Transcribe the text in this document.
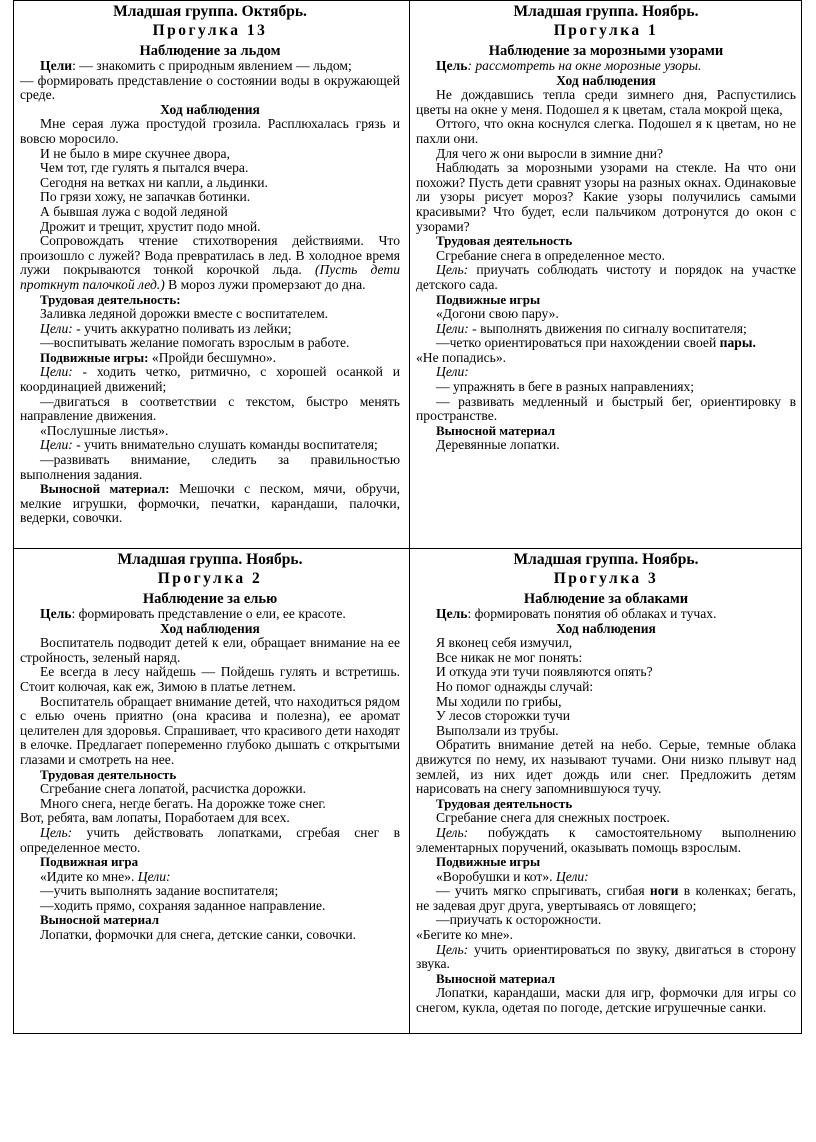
Младшая группа. Октябрь.

Прогулка 13

Наблюдение за льдом

Цели: — знакомить с природным явлением — льдом;

— формировать представление о состоянии воды в окружающей среде.

Ход наблюдения

Мне серая лужа простудой грозила. Расплюхалась грязь и вовсю моросило.

И не было в мире скучнее двора,

Чем тот, где гулять я пытался вчера.

Сегодня на ветках ни капли, а льдинки.

По грязи хожу, не запачкав ботинки.

А бывшая лужа с водой ледяной

Дрожит и трещит, хрустит подо мной.

Сопровождать чтение стихотворения действиями. Что произошло с лужей? Вода превратилась в лед. В холодное время лужи покрываются тонкой корочкой льда. (Пусть дети проткнут палочкой лед.) В мороз лужи промерзают до дна.

Трудовая деятельность:

Заливка ледяной дорожки вместе с воспитателем.

Цели: - учить аккуратно поливать из лейки;

—воспитывать желание помогать взрослым в работе.

Подвижные игры: «Пройди бесшумно».

Цели: - ходить четко, ритмично, с хорошей осанкой и координацией движений;

—двигаться в соответствии с текстом, быстро менять направление движения.

«Послушные листья».

Цели: - учить внимательно слушать команды воспитателя;

—развивать внимание, следить за правильностью выполнения задания.

Выносной материал: Мешочки с песком, мячи, обручи, мелкие игрушки, формочки, печатки, карандаши, палочки, ведерки, совочки.

Младшая группа. Ноябрь.

Прогулка 1

Наблюдение за морозными узорами

Цель: рассмотреть на окне морозные узоры.

Ход наблюдения

Не дождавшись тепла среди зимнего дня, Распустились цветы на окне у меня. Подошел я к цветам, стала мокрой щека,

Оттого, что окна коснулся слегка. Подошел я к цветам, но не пахли они.

Для чего ж они выросли в зимние дни?

Наблюдать за морозными узорами на стекле. На что они похожи? Пусть дети сравнят узоры на разных окнах. Одинаковые ли узоры рисует мороз? Какие узоры получились самыми красивыми? Что будет, если пальчиком дотронутся до окон с узорами?

Трудовая деятельность

Сгребание снега в определенное место.

Цель: приучать соблюдать чистоту и порядок на участке детского сада.

Подвижные игры

«Догони свою пару».

Цели: - выполнять движения по сигналу воспитателя;

—четко ориентироваться при нахождении своей пары.

«Не попадись».

Цели:

— упражнять в беге в разных направлениях;

— развивать медленный и быстрый бег, ориентировку в пространстве.

Выносной материал

Деревянные лопатки.

Младшая группа. Ноябрь.

Прогулка 2

Наблюдение за елью

Цель: формировать представление о ели, ее красоте.

Ход наблюдения

Воспитатель подводит детей к ели, обращает внимание на ее стройность, зеленый наряд.

Ее всегда в лесу найдешь — Пойдешь гулять и встретишь. Стоит колючая, как еж, Зимою в платье летнем.

Воспитатель обращает внимание детей, что находиться рядом с елью очень приятно (она красива и полезна), ее аромат целителен для здоровья. Спрашивает, что красивого дети находят в елочке. Предлагает попеременно глубоко дышать с открытыми глазами и смотреть на нее.

Трудовая деятельность

Сгребание снега лопатой, расчистка дорожки.

Много снега, негде бегать. На дорожке тоже снег.

Вот, ребята, вам лопаты, Поработаем для всех.

Цель: учить действовать лопатками, сгребая снег в определенное место.

Подвижная игра

«Идите ко мне». Цели:

—учить выполнять задание воспитателя;

—ходить прямо, сохраняя заданное направление.

Выносной материал

Лопатки, формочки для снега, детские санки, совочки.

Младшая группа. Ноябрь.

Прогулка 3

Наблюдение за облаками

Цель: формировать понятия об облаках и тучах.

Ход наблюдения

Я вконец себя измучил,

Все никак не мог понять:

И откуда эти тучи появляются опять?

Но помог однажды случай:

Мы ходили по грибы,

У лесов сторожки тучи

Выползали из трубы.

Обратить внимание детей на небо. Серые, темные облака движутся по нему, их называют тучами. Они низко плывут над землей, из них идет дождь или снег. Предложить детям нарисовать на снегу запомнившуюся тучу.

Трудовая деятельность

Сгребание снега для снежных построек.

Цель: побуждать к самостоятельному выполнению элементарных поручений, оказывать помощь взрослым.

Подвижные игры

«Воробушки и кот». Цели:

— учить мягко спрыгивать, сгибая ноги в коленках; бегать, не задевая друг друга, увертываясь от ловящего;

—приучать к осторожности.

«Бегите ко мне».

Цель: учить ориентироваться по звуку, двигаться в сторону звука.

Выносной материал

Лопатки, карандаши, маски для игр, формочки для игры со снегом, кукла, одетая по погоде, детские игрушечные санки.
